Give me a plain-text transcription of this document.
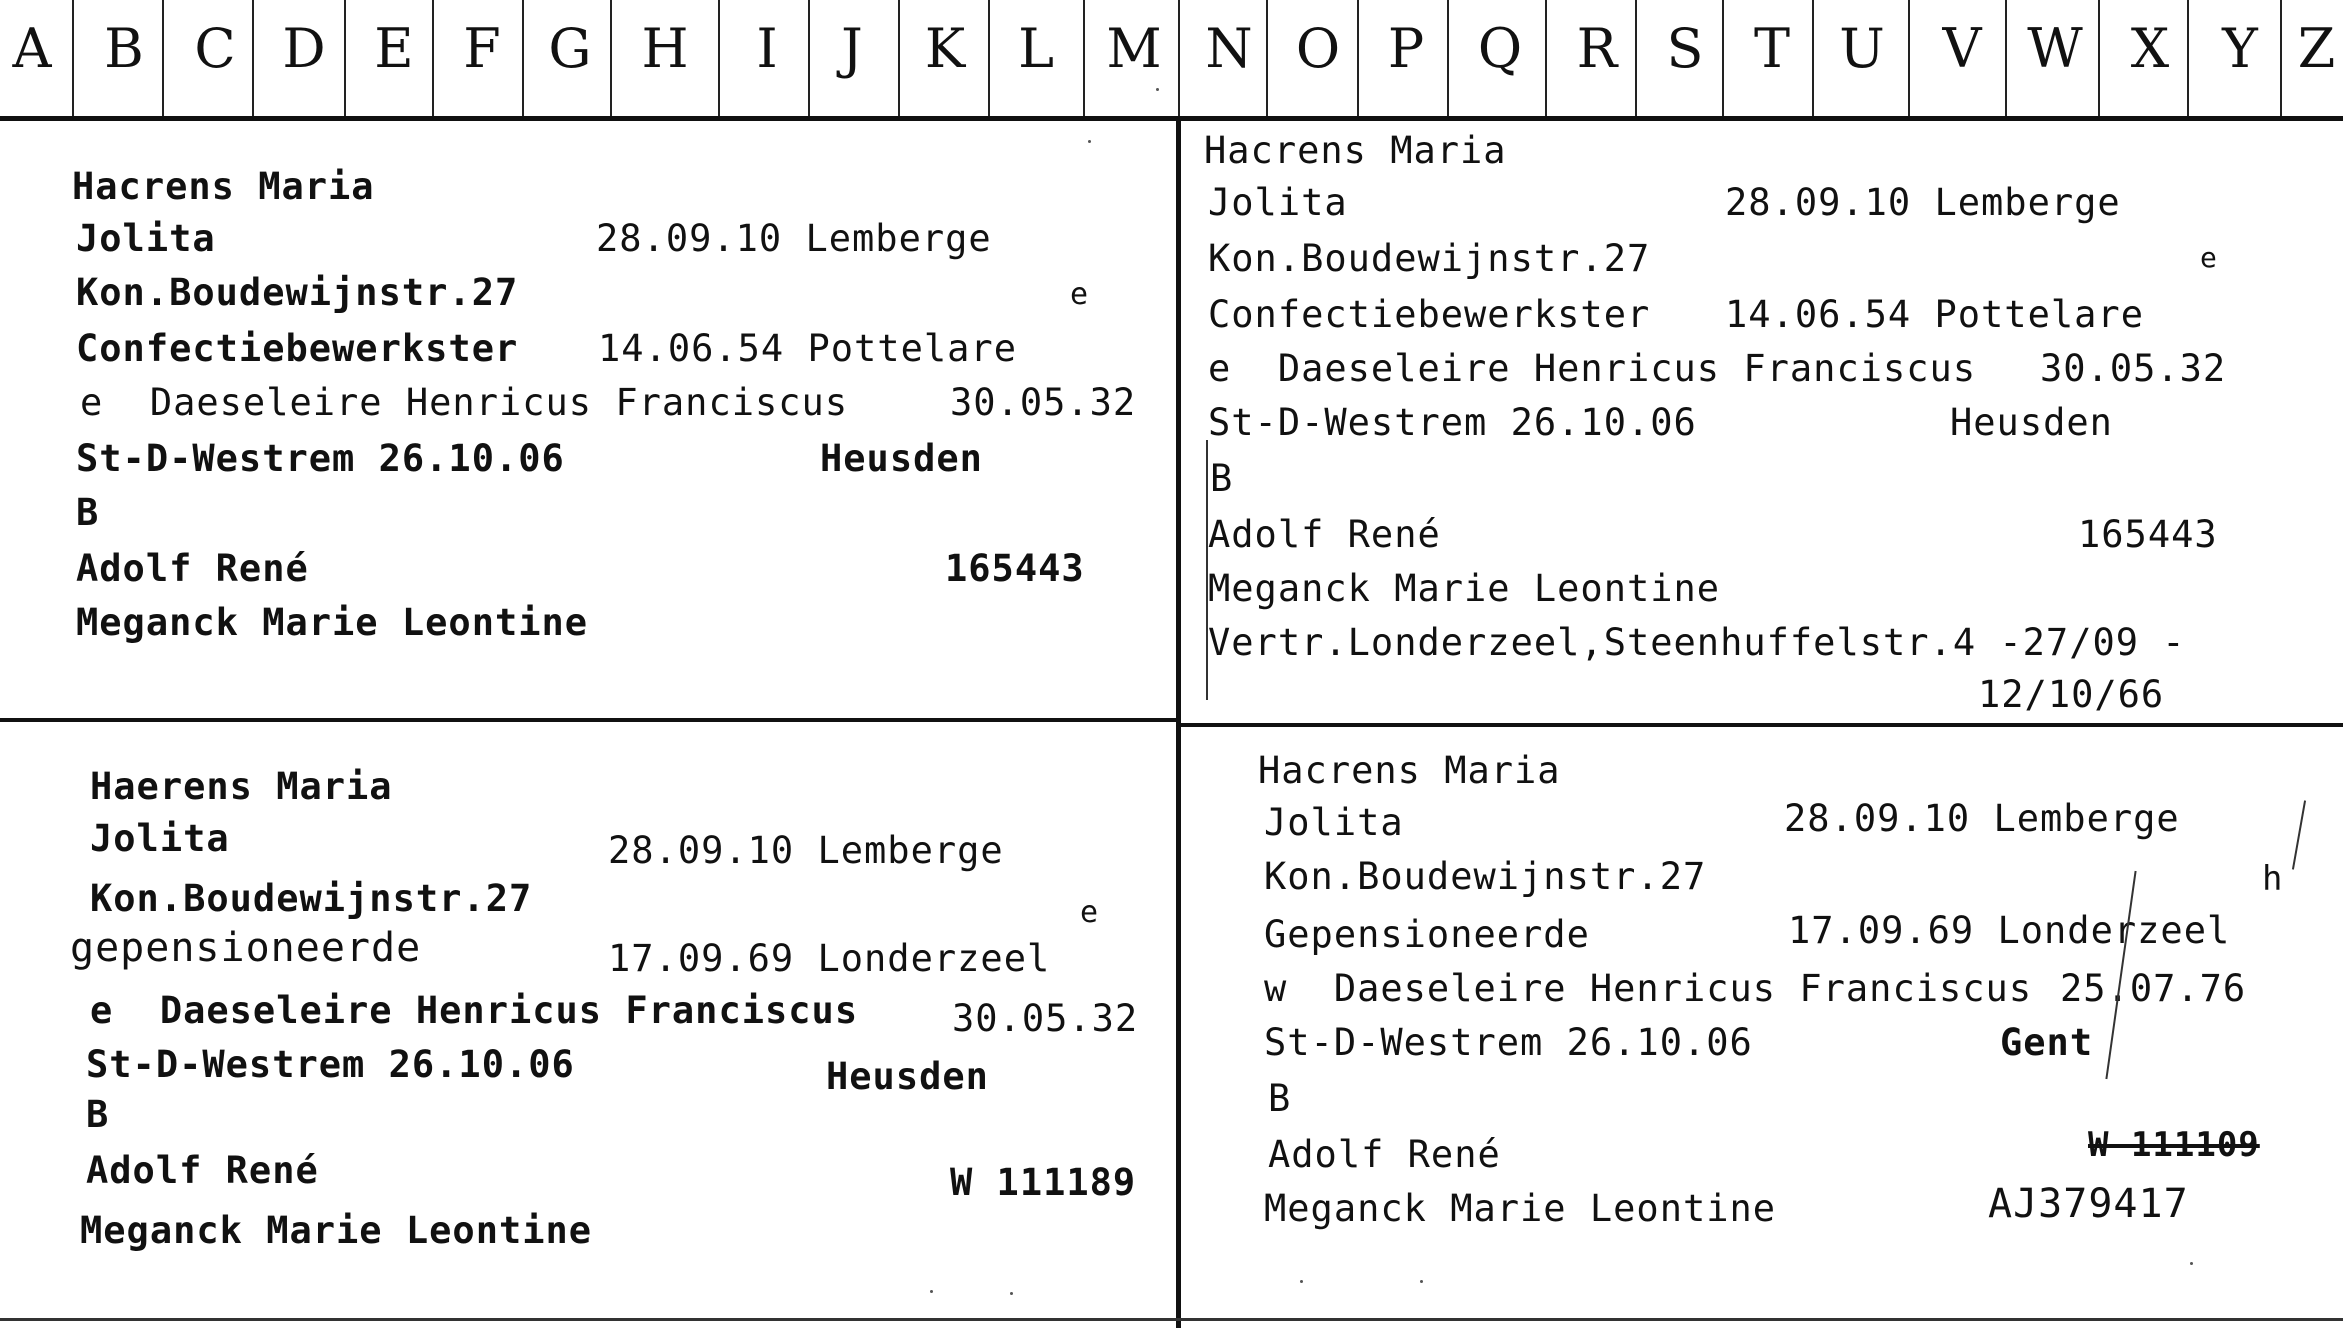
A B C D E F G H	I	J	K L M N O P Q R S T U V W X Y Z
Hacrens Maria
Jolita	28.09.10 Lemberge
Kon.Boudewijnstr.27	e
Confectiebewerkster 14.06.54 Pottelare
e  Daeseleire Henricus Franciscus	30.05.32
St-D-Westrem 26.10.06	Heusden
B
Adolf René	165443
Meganck Marie Leontine
Hacrens Maria
Jolita	28.09.10 Lemberge
Kon.Boudewijnstr.27	e
Confectiebewerkster 14.06.54 Pottelare
e  Daeseleire Henricus Franciscus 30.05.32
St-D-Westrem 26.10.06	Heusden
B
Adolf René	165443
Meganck Marie Leontine
Vertr.Londerzeel,Steenhuffelstr.4 -27/09 -
12/10/66
Haerens Maria
Jolita	28.09.10 Lemberge
Kon.Boudewijnstr.27	e
gepensioneerde	17.09.69 Londerzeel
e  Daeseleire Henricus Franciscus	30.05.32
St-D-Westrem 26.10.06	Heusden
B
Adolf René	W 111189
Meganck Marie Leontine
Hacrens Maria
Jolita	28.09.10 Lemberge
Kon.Boudewijnstr.27	h
Gepensioneerde	17.09.69 Londerzeel
w  Daeseleire Henricus Franciscus 25.07.76
St-D-Westrem 26.10.06	Gent
B
Adolf René	W 111109
Meganck Marie Leontine	AJ379417
